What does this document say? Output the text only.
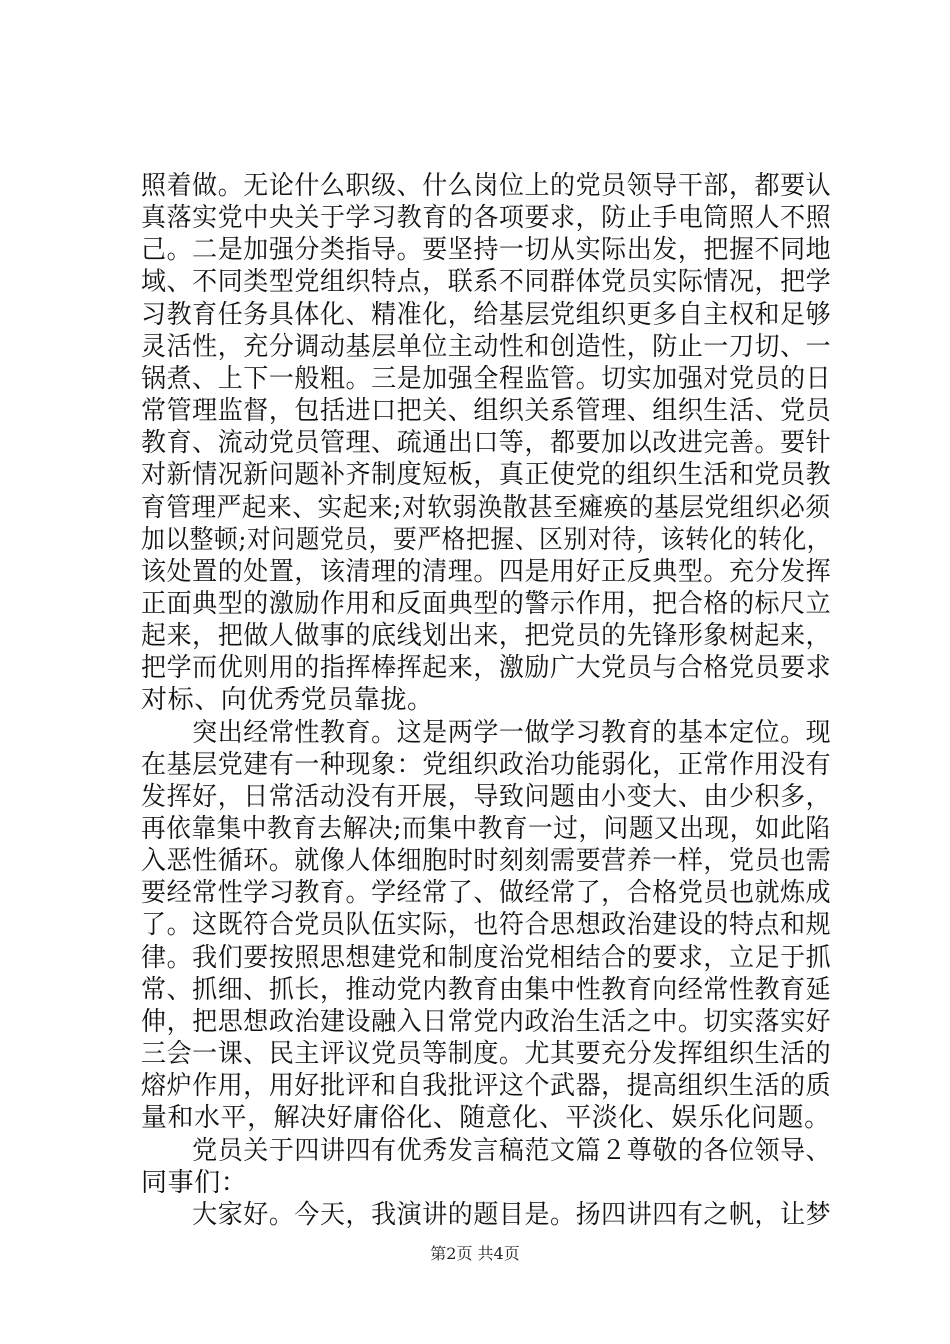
照着做。无论什么职级、什么岗位上的党员领导干部，都要认
真落实党中央关于学习教育的各项要求，防止手电筒照人不照
己。二是加强分类指导。要坚持一切从实际出发，把握不同地
域、不同类型党组织特点，联系不同群体党员实际情况，把学
习教育任务具体化、精准化，给基层党组织更多自主权和足够
灵活性，充分调动基层单位主动性和创造性，防止一刀切、一
锅煮、上下一般粗。三是加强全程监管。切实加强对党员的日
常管理监督，包括进口把关、组织关系管理、组织生活、党员
教育、流动党员管理、疏通出口等，都要加以改进完善。要针
对新情况新问题补齐制度短板，真正使党的组织生活和党员教
育管理严起来、实起来;对软弱涣散甚至瘫痪的基层党组织必须
加以整顿;对问题党员，要严格把握、区别对待，该转化的转化，
该处置的处置，该清理的清理。四是用好正反典型。充分发挥
正面典型的激励作用和反面典型的警示作用，把合格的标尺立
起来，把做人做事的底线划出来，把党员的先锋形象树起来，
把学而优则用的指挥棒挥起来，激励广大党员与合格党员要求
对标、向优秀党员靠拢。
　　突出经常性教育。这是两学一做学习教育的基本定位。现
在基层党建有一种现象：党组织政治功能弱化，正常作用没有
发挥好，日常活动没有开展，导致问题由小变大、由少积多，
再依靠集中教育去解决;而集中教育一过，问题又出现，如此陷
入恶性循环。就像人体细胞时时刻刻需要营养一样，党员也需
要经常性学习教育。学经常了、做经常了，合格党员也就炼成
了。这既符合党员队伍实际，也符合思想政治建设的特点和规
律。我们要按照思想建党和制度治党相结合的要求，立足于抓
常、抓细、抓长，推动党内教育由集中性教育向经常性教育延
伸，把思想政治建设融入日常党内政治生活之中。切实落实好
三会一课、民主评议党员等制度。尤其要充分发挥组织生活的
熔炉作用，用好批评和自我批评这个武器，提高组织生活的质
量和水平，解决好庸俗化、随意化、平淡化、娱乐化问题。
　　党员关于四讲四有优秀发言稿范文篇２尊敬的各位领导、
同事们：
　　大家好。今天，我演讲的题目是。扬四讲四有之帆，让梦
第2页 共4页
